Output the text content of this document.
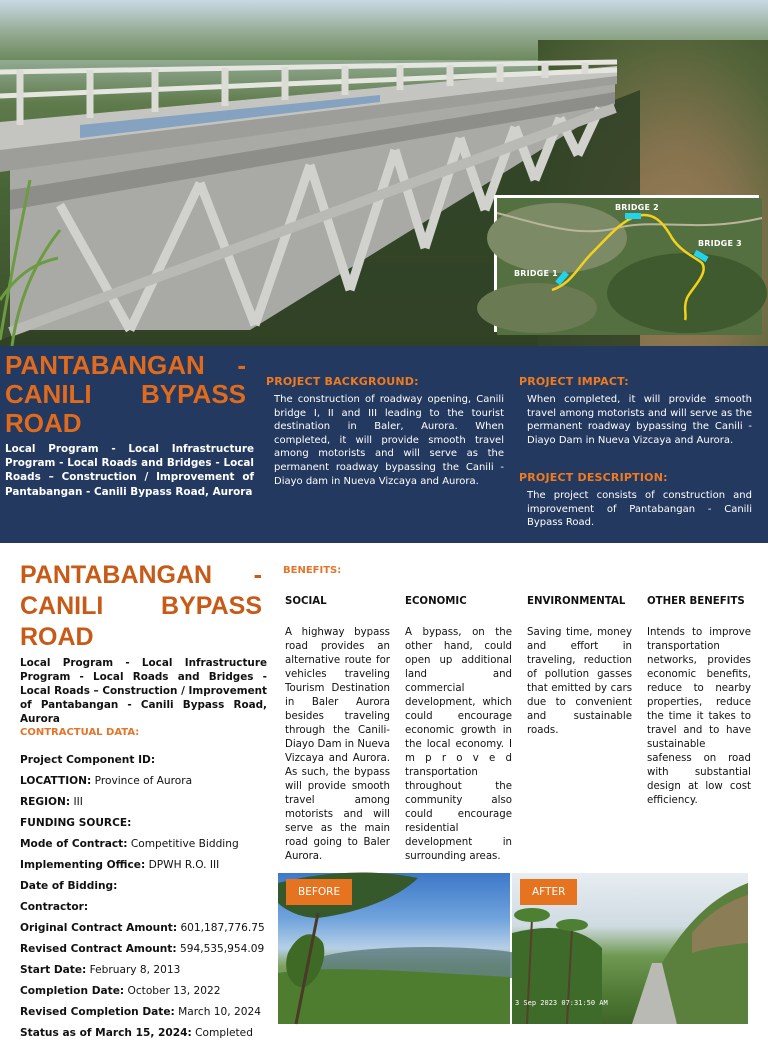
BRIDGE 1
BRIDGE 2
BRIDGE 3
PANTABANGAN - CANILI BYPASS ROAD
Local Program - Local Infrastructure Program - Local Roads and Bridges - Local Roads – Construction / Improvement of Pantabangan - Canili Bypass Road, Aurora
PROJECT BACKGROUND:
The construction of roadway opening, Canili bridge I, II and III leading to the tourist destination in Baler, Aurora. When completed, it will provide smooth travel among motorists and will serve as the permanent roadway bypassing the Canili - Diayo dam in Nueva Vizcaya and Aurora.
PROJECT IMPACT:
When completed, it will provide smooth travel among motorists and will serve as the permanent roadway bypassing the Canili - Diayo Dam in Nueva Vizcaya and Aurora.
PROJECT DESCRIPTION:
The project consists of construction and improvement of Pantabangan - Canili Bypass Road.
PANTABANGAN - CANILI BYPASS ROAD
Local Program - Local Infrastructure Program - Local Roads and Bridges - Local Roads – Construction / Improvement of Pantabangan - Canili Bypass Road, Aurora
CONTRACTUAL DATA:
Project Component ID:
LOCATTION: Province of Aurora
REGION: III
FUNDING SOURCE:
Mode of Contract: Competitive Bidding
Implementing Office: DPWH R.O. III
Date of Bidding:
Contractor:
Original Contract Amount: 601,187,776.75
Revised Contract Amount: 594,535,954.09
Start Date: February 8, 2013
Completion Date: October 13, 2022
Revised Completion Date: March 10, 2024
Status as of March 15, 2024: Completed
BENEFITS:
SOCIAL
A highway bypass road provides an alternative route for vehicles traveling Tourism Destination in Baler Aurora besides traveling through the Canili-Diayo Dam in Nueva Vizcaya and Aurora. As such, the bypass will provide smooth travel among motorists and will serve as the main road going to Baler Aurora.
ECONOMIC
A bypass, on the other hand, could open up additional land and commercial development, which could encourage economic growth in the local economy. I m p r o v e d transportation throughout the community also could encourage residential development in surrounding areas.
ENVIRONMENTAL
Saving time, money and effort in traveling, reduction of pollution gasses that emitted by cars due to convenient and sustainable roads.
OTHER BENEFITS
Intends to improve transportation networks, provides economic benefits, reduce to nearby properties, reduce the time it takes to travel and to have sustainable safeness on road with substantial design at low cost efficiency.
BEFORE	AFTER
3 Sep 2023 07:31:50 AM
